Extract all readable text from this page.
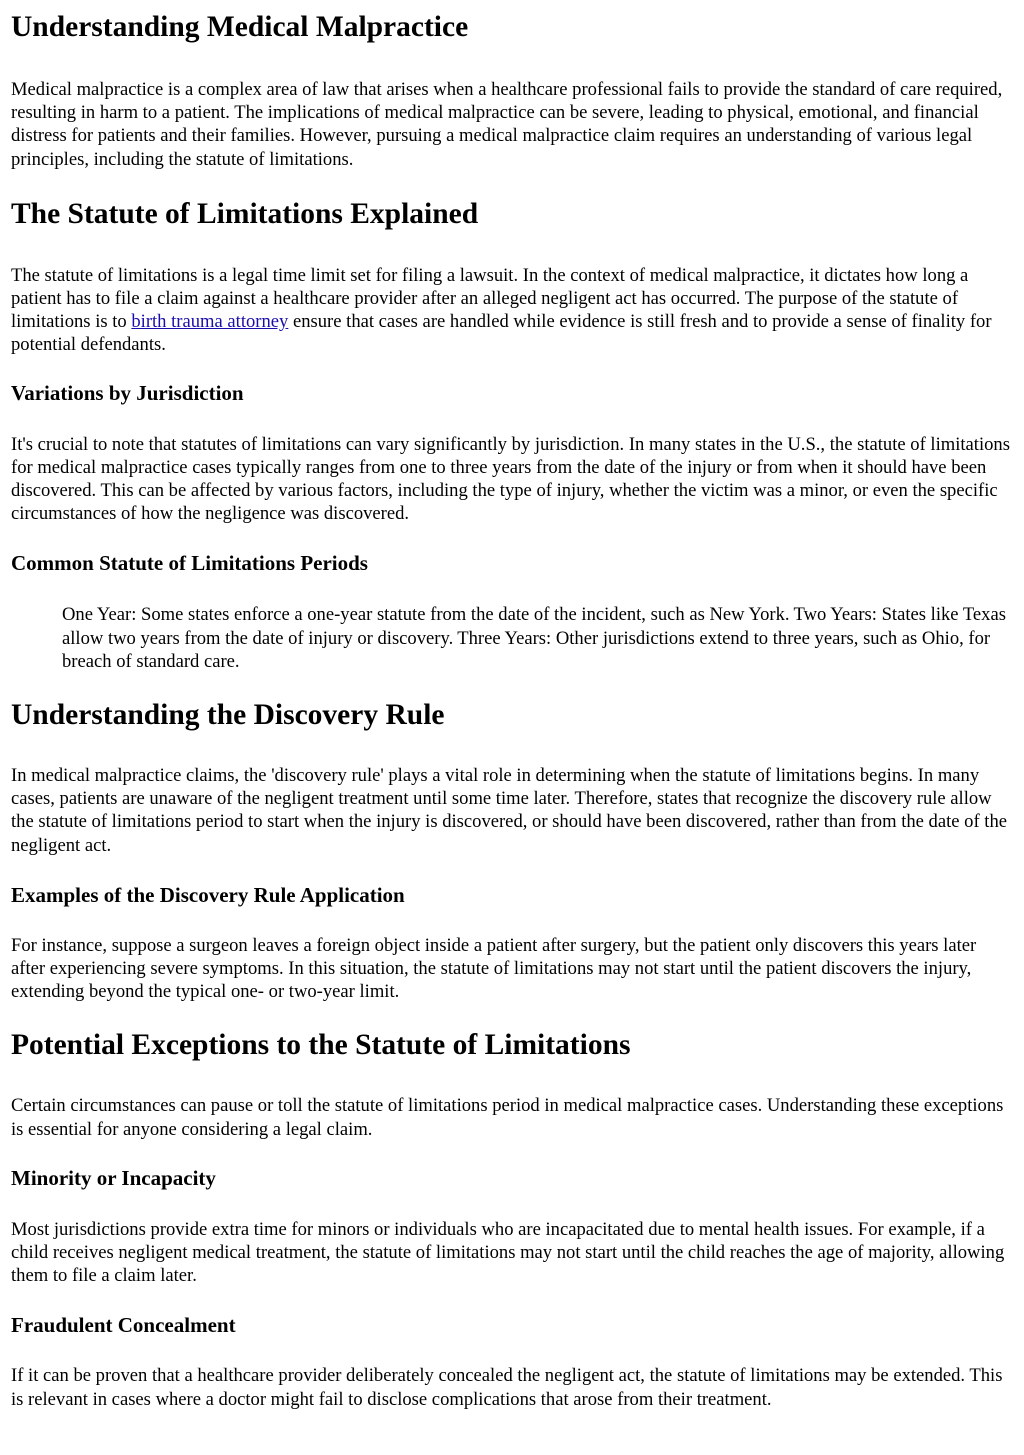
Understanding Medical Malpractice

Medical malpractice is a complex area of law that arises when a healthcare professional fails to provide the standard of care required, resulting in harm to a patient. The implications of medical malpractice can be severe, leading to physical, emotional, and financial distress for patients and their families. However, pursuing a medical malpractice claim requires an understanding of various legal principles, including the statute of limitations.

The Statute of Limitations Explained

The statute of limitations is a legal time limit set for filing a lawsuit. In the context of medical malpractice, it dictates how long a patient has to file a claim against a healthcare provider after an alleged negligent act has occurred. The purpose of the statute of limitations is to birth trauma attorney ensure that cases are handled while evidence is still fresh and to provide a sense of finality for potential defendants.

Variations by Jurisdiction

It's crucial to note that statutes of limitations can vary significantly by jurisdiction. In many states in the U.S., the statute of limitations for medical malpractice cases typically ranges from one to three years from the date of the injury or from when it should have been discovered. This can be affected by various factors, including the type of injury, whether the victim was a minor, or even the specific circumstances of how the negligence was discovered.

Common Statute of Limitations Periods
One Year: Some states enforce a one-year statute from the date of the incident, such as New York. Two Years: States like Texas allow two years from the date of injury or discovery. Three Years: Other jurisdictions extend to three years, such as Ohio, for breach of standard care.
Understanding the Discovery Rule

In medical malpractice claims, the 'discovery rule' plays a vital role in determining when the statute of limitations begins. In many cases, patients are unaware of the negligent treatment until some time later. Therefore, states that recognize the discovery rule allow the statute of limitations period to start when the injury is discovered, or should have been discovered, rather than from the date of the negligent act.

Examples of the Discovery Rule Application

For instance, suppose a surgeon leaves a foreign object inside a patient after surgery, but the patient only discovers this years later after experiencing severe symptoms. In this situation, the statute of limitations may not start until the patient discovers the injury, extending beyond the typical one- or two-year limit.

Potential Exceptions to the Statute of Limitations

Certain circumstances can pause or toll the statute of limitations period in medical malpractice cases. Understanding these exceptions is essential for anyone considering a legal claim.

Minority or Incapacity

Most jurisdictions provide extra time for minors or individuals who are incapacitated due to mental health issues. For example, if a child receives negligent medical treatment, the statute of limitations may not start until the child reaches the age of majority, allowing them to file a claim later.

Fraudulent Concealment

If it can be proven that a healthcare provider deliberately concealed the negligent act, the statute of limitations may be extended. This is relevant in cases where a doctor might fail to disclose complications that arose from their treatment.
